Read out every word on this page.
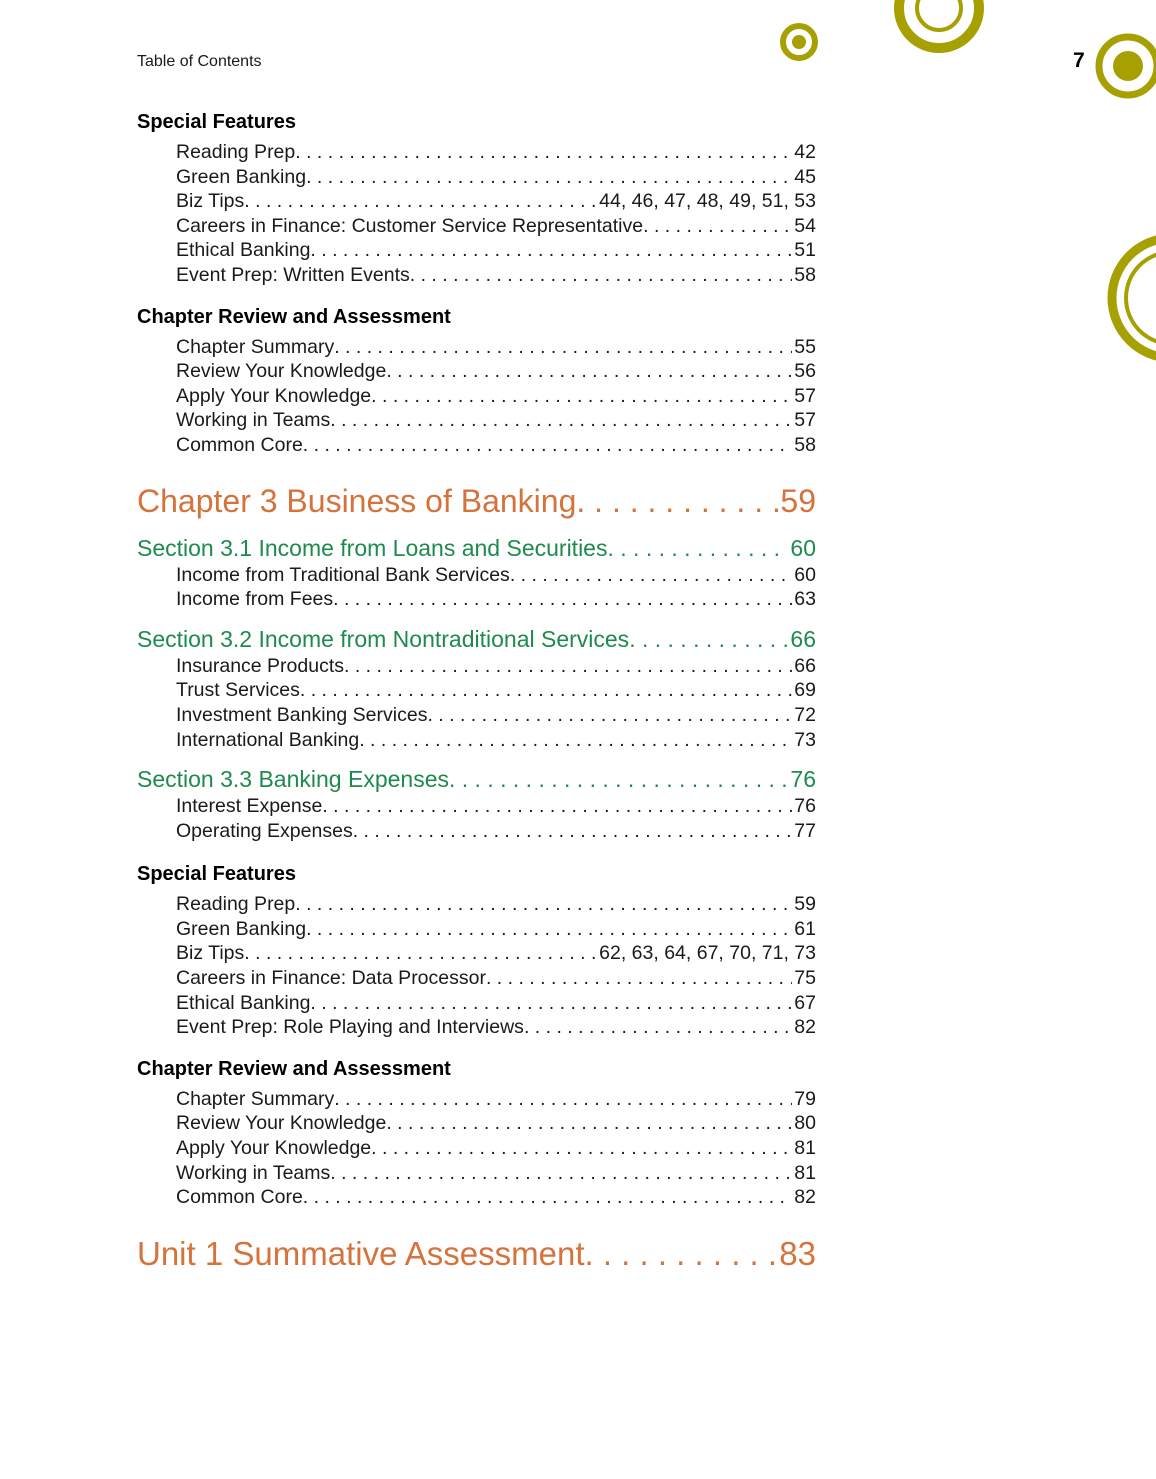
Table of Contents	7
Special Features
Reading Prep . . .	42
Green Banking . . .	45
Biz Tips . . .	44, 46, 47, 48, 49, 51, 53
Careers in Finance: Customer Service Representative . . .	54
Ethical Banking . . .	51
Event Prep: Written Events . . .	58
Chapter Review and Assessment
Chapter Summary . . .	55
Review Your Knowledge . . .	56
Apply Your Knowledge . . .	57
Working in Teams . . .	57
Common Core . . .	58
Chapter 3 Business of Banking . . .	59
Section 3.1 Income from Loans and Securities . . .	60
Income from Traditional Bank Services . . .	60
Income from Fees . . .	63
Section 3.2 Income from Nontraditional Services . . .	66
Insurance Products . . .	66
Trust Services . . .	69
Investment Banking Services . . .	72
International Banking . . .	73
Section 3.3 Banking Expenses . . .	76
Interest Expense . . .	76
Operating Expenses . . .	77
Special Features
Reading Prep . . .	59
Green Banking . . .	61
Biz Tips . . .	62, 63, 64, 67, 70, 71, 73
Careers in Finance: Data Processor . . .	75
Ethical Banking . . .	67
Event Prep: Role Playing and Interviews . . .	82
Chapter Review and Assessment
Chapter Summary . . .	79
Review Your Knowledge . . .	80
Apply Your Knowledge . . .	81
Working in Teams . . .	81
Common Core . . .	82
Unit 1 Summative Assessment . . .	83
